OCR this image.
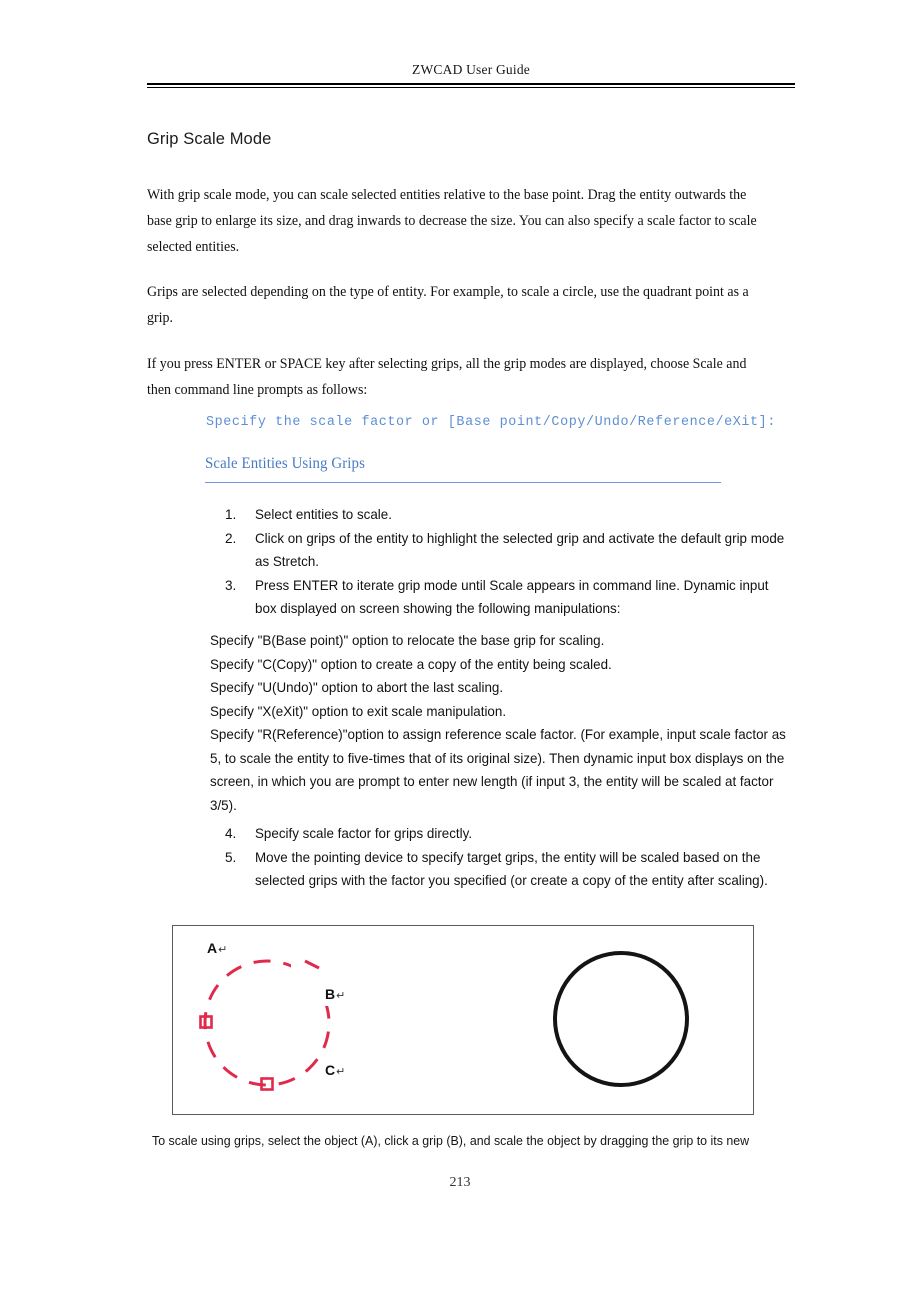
ZWCAD User Guide
Grip Scale Mode

With grip scale mode, you can scale selected entities relative to the base point. Drag the entity outwards the base grip to enlarge its size, and drag inwards to decrease the size. You can also specify a scale factor to scale selected entities.

Grips are selected depending on the type of entity. For example, to scale a circle, use the quadrant point as a grip.

If you press ENTER or SPACE key after selecting grips, all the grip modes are displayed, choose Scale and then command line prompts as follows:

Specify the scale factor or [Base point/Copy/Undo/Reference/eXit]:
Scale Entities Using Grips
1.	Select entities to scale.
2.	Click on grips of the entity to highlight the selected grip and activate the default grip mode as Stretch.
3.	Press ENTER to iterate grip mode until Scale appears in command line. Dynamic input box displayed on screen showing the following manipulations:

Specify "B(Base point)" option to relocate the base grip for scaling.

Specify "C(Copy)" option to create a copy of the entity being scaled.

Specify "U(Undo)" option to abort the last scaling.

Specify "X(eXit)" option to exit scale manipulation.

Specify "R(Reference)"option to assign reference scale factor. (For example, input scale factor as 5, to scale the entity to five-times that of its original size). Then dynamic input box displays on the screen, in which you are prompt to enter new length (if input 3, the entity will be scaled at factor 3/5).

4.	Specify scale factor for grips directly.
5.	Move the pointing device to specify target grips, the entity will be scaled based on the selected grips with the factor you specified (or create a copy of the entity after scaling).
A↵
B↵
C↵
To scale using grips, select the object (A), click a grip (B), and scale the object by dragging the grip to its new
213
